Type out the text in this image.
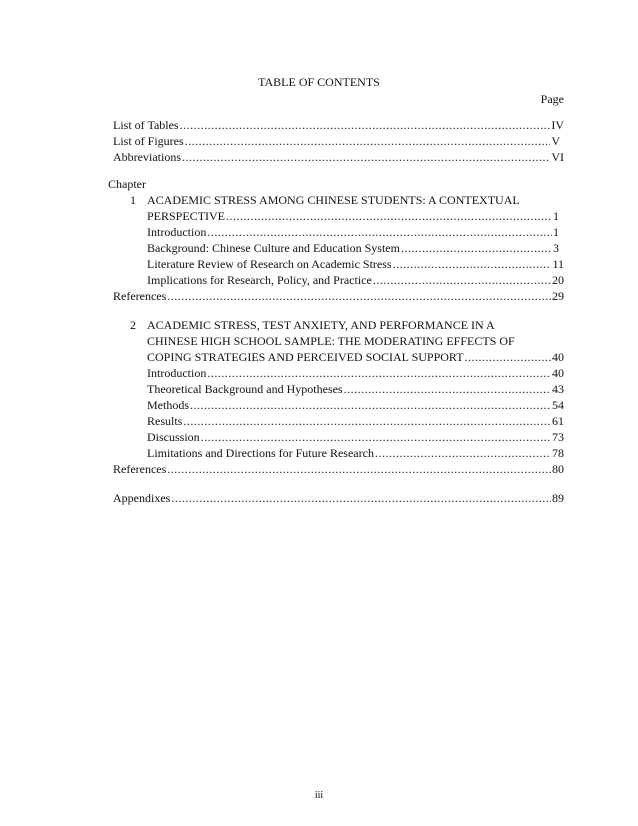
TABLE OF CONTENTS
Page
List of Tables .....	IV
List of Figures .....	V
Abbreviations .....	VI
Chapter
1 ACADEMIC STRESS AMONG CHINESE STUDENTS: A CONTEXTUAL
PERSPECTIVE .....	1
Introduction .....	1
Background: Chinese Culture and Education System .....	3
Literature Review of Research on Academic Stress .....	11
Implications for Research, Policy, and Practice .....	20
References .....	29
2 ACADEMIC STRESS, TEST ANXIETY, AND PERFORMANCE IN A
CHINESE HIGH SCHOOL SAMPLE: THE MODERATING EFFECTS OF
COPING STRATEGIES AND PERCEIVED SOCIAL SUPPORT .....	40
Introduction .....	40
Theoretical Background and Hypotheses .....	43
Methods .....	54
Results .....	61
Discussion .....	73
Limitations and Directions for Future Research .....	78
References .....	80
Appendixes .....	89
iii
